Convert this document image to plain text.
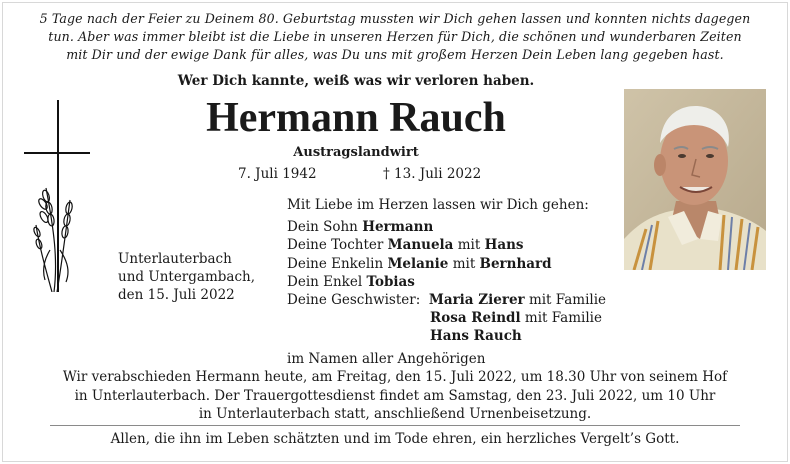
5 Tage nach der Feier zu Deinem 80. Geburtstag mussten wir Dich gehen lassen und konnten nichts dagegen
tun. Aber was immer bleibt ist die Liebe in unseren Herzen für Dich, die schönen und wunderbaren Zeiten
mit Dir und der ewige Dank für alles, was Du uns mit großem Herzen Dein Leben lang gegeben hast.
Wer Dich kannte, weiß was wir verloren haben.
Hermann Rauch
Austragslandwirt
7. Juli 1942	† 13. Juli 2022
Unterlauterbach
und Untergambach,
den 15. Juli 2022
Mit Liebe im Herzen lassen wir Dich gehen:
Dein Sohn Hermann
Deine Tochter Manuela mit Hans
Deine Enkelin Melanie mit Bernhard
Dein Enkel Tobias
Deine Geschwister: Maria Zierer mit Familie
Rosa Reindl mit Familie
Hans Rauch
im Namen aller Angehörigen
Wir verabschieden Hermann heute, am Freitag, den 15. Juli 2022, um 18.30 Uhr von seinem Hof
in Unterlauterbach. Der Trauergottesdienst findet am Samstag, den 23. Juli 2022, um 10 Uhr
in Unterlauterbach statt, anschließend Urnenbeisetzung.
Allen, die ihn im Leben schätzten und im Tode ehren, ein herzliches Vergelt’s Gott.
